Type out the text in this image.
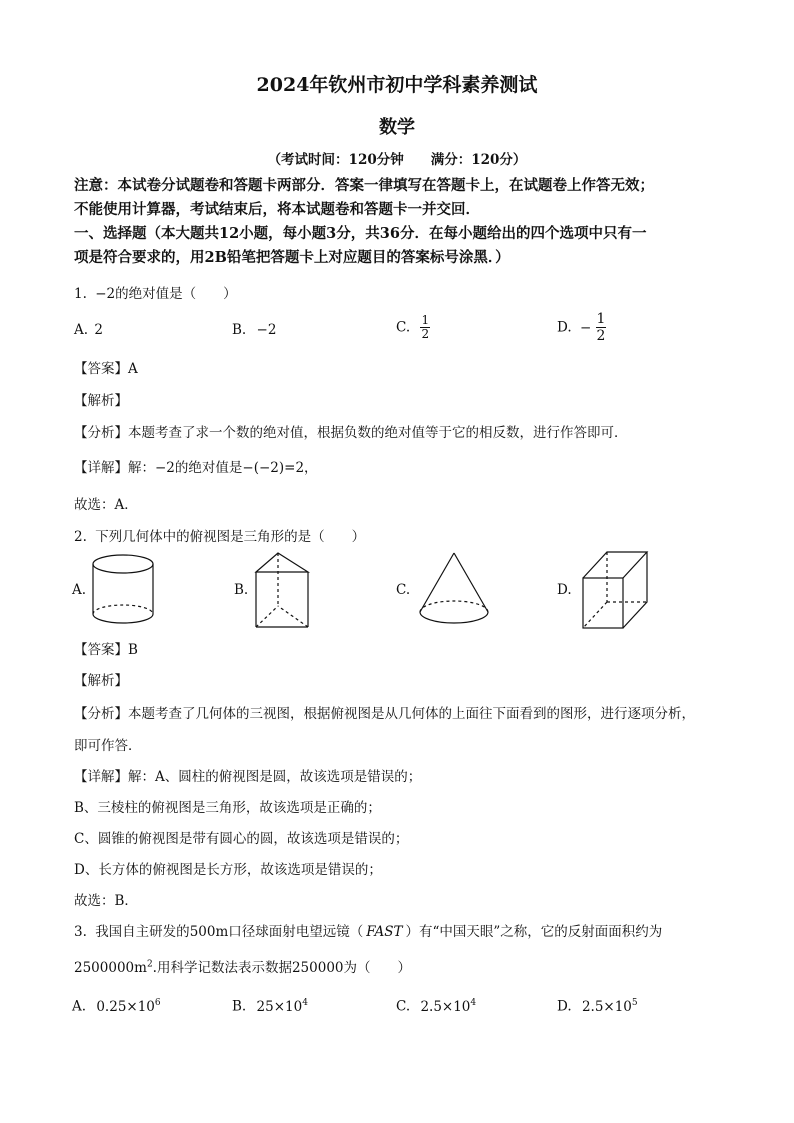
2024年钦州市初中学科素养测试
数学
（考试时间：120分钟　　满分：120分）
注意：本试卷分试题卷和答题卡两部分．答案一律填写在答题卡上，在试题卷上作答无效；
不能使用计算器，考试结束后，将本试题卷和答题卡一并交回．
一、选择题（本大题共12小题，每小题3分，共36分．在每小题给出的四个选项中只有一
项是符合要求的，用2B铅笔把答题卡上对应题目的答案标号涂黑．）
1. −2的绝对值是（　　）
A. 2	B. −2	C. $\frac{1}{2}$	D. − $\frac{1}{2}$
【答案】A
【解析】
【分析】本题考查了求一个数的绝对值，根据负数的绝对值等于它的相反数，进行作答即可．
【详解】解：−2的绝对值是−(−2)=2，
故选：A．
2. 下列几何体中的俯视图是三角形的是（　　）
A.	B.	C.	D.
【答案】B
【解析】
【分析】本题考查了几何体的三视图，根据俯视图是从几何体的上面往下面看到的图形，进行逐项分析，
即可作答．
【详解】解：A、圆柱的俯视图是圆，故该选项是错误的；
B、三棱柱的俯视图是三角形，故该选项是正确的；
C、圆锥的俯视图是带有圆心的圆，故该选项是错误的；
D、长方体的俯视图是长方形，故该选项是错误的；
故选：B．
3. 我国自主研发的500m口径球面射电望远镜（ FAST ）有“中国天眼”之称，它的反射面面积约为
$2500000m^2$.用科学记数法表示数据250000为（　　）
A. $0.25\times 10^6$	B. $25\times 10^4$	C. $2.5\times 10^4$	D. $2.5\times 10^5$
